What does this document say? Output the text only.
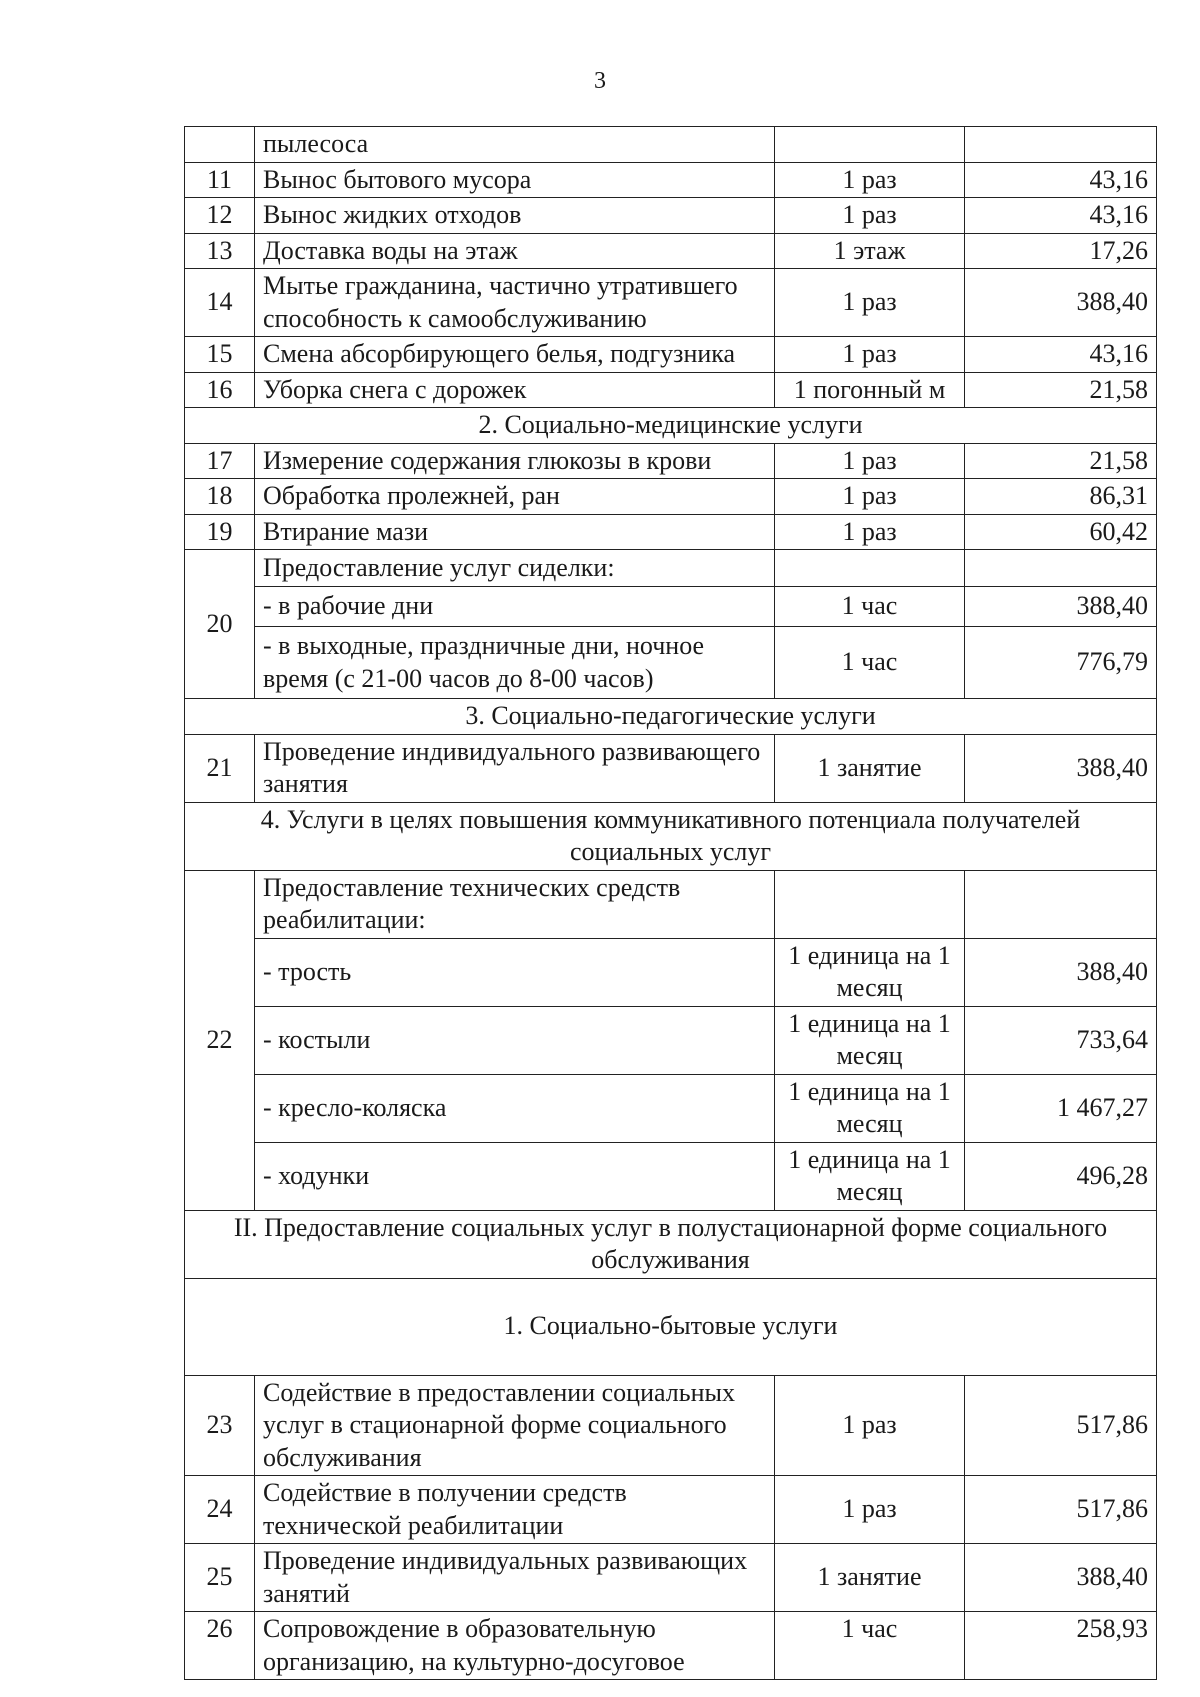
3
	пылесоса		
11	Вынос бытового мусора	1 раз	43,16
12	Вынос жидких отходов	1 раз	43,16
13	Доставка воды на этаж	1 этаж	17,26
14	Мытье гражданина, частично утратившего способность к самообслуживанию	1 раз	388,40
15	Смена абсорбирующего белья, подгузника	1 раз	43,16
16	Уборка снега с дорожек	1 погонный м	21,58
2. Социально-медицинские услуги			
17	Измерение содержания глюкозы в крови	1 раз	21,58
18	Обработка пролежней, ран	1 раз	86,31
19	Втирание мази	1 раз	60,42
20	Предоставление услуг сиделки:		
	- в рабочие дни	1 час	388,40
	- в выходные, праздничные дни, ночное время (с 21-00 часов до 8-00 часов)	1 час	776,79
3. Социально-педагогические услуги			
21	Проведение индивидуального развивающего занятия	1 занятие	388,40
4. Услуги в целях повышения коммуникативного потенциала получателей социальных услуг			
22	Предоставление технических средств реабилитации:		
	- трость	1 единица на 1 месяц	388,40
	- костыли	1 единица на 1 месяц	733,64
	- кресло-коляска	1 единица на 1 месяц	1 467,27
	- ходунки	1 единица на 1 месяц	496,28
II. Предоставление социальных услуг в полустационарной форме социального обслуживания			
1. Социально-бытовые услуги			
23	Содействие в предоставлении социальных услуг в стационарной форме социального обслуживания	1 раз	517,86
24	Содействие в получении средств технической реабилитации	1 раз	517,86
25	Проведение индивидуальных развивающих занятий	1 занятие	388,40
26	Сопровождение в образовательную организацию, на культурно-досуговое	1 час	258,93
